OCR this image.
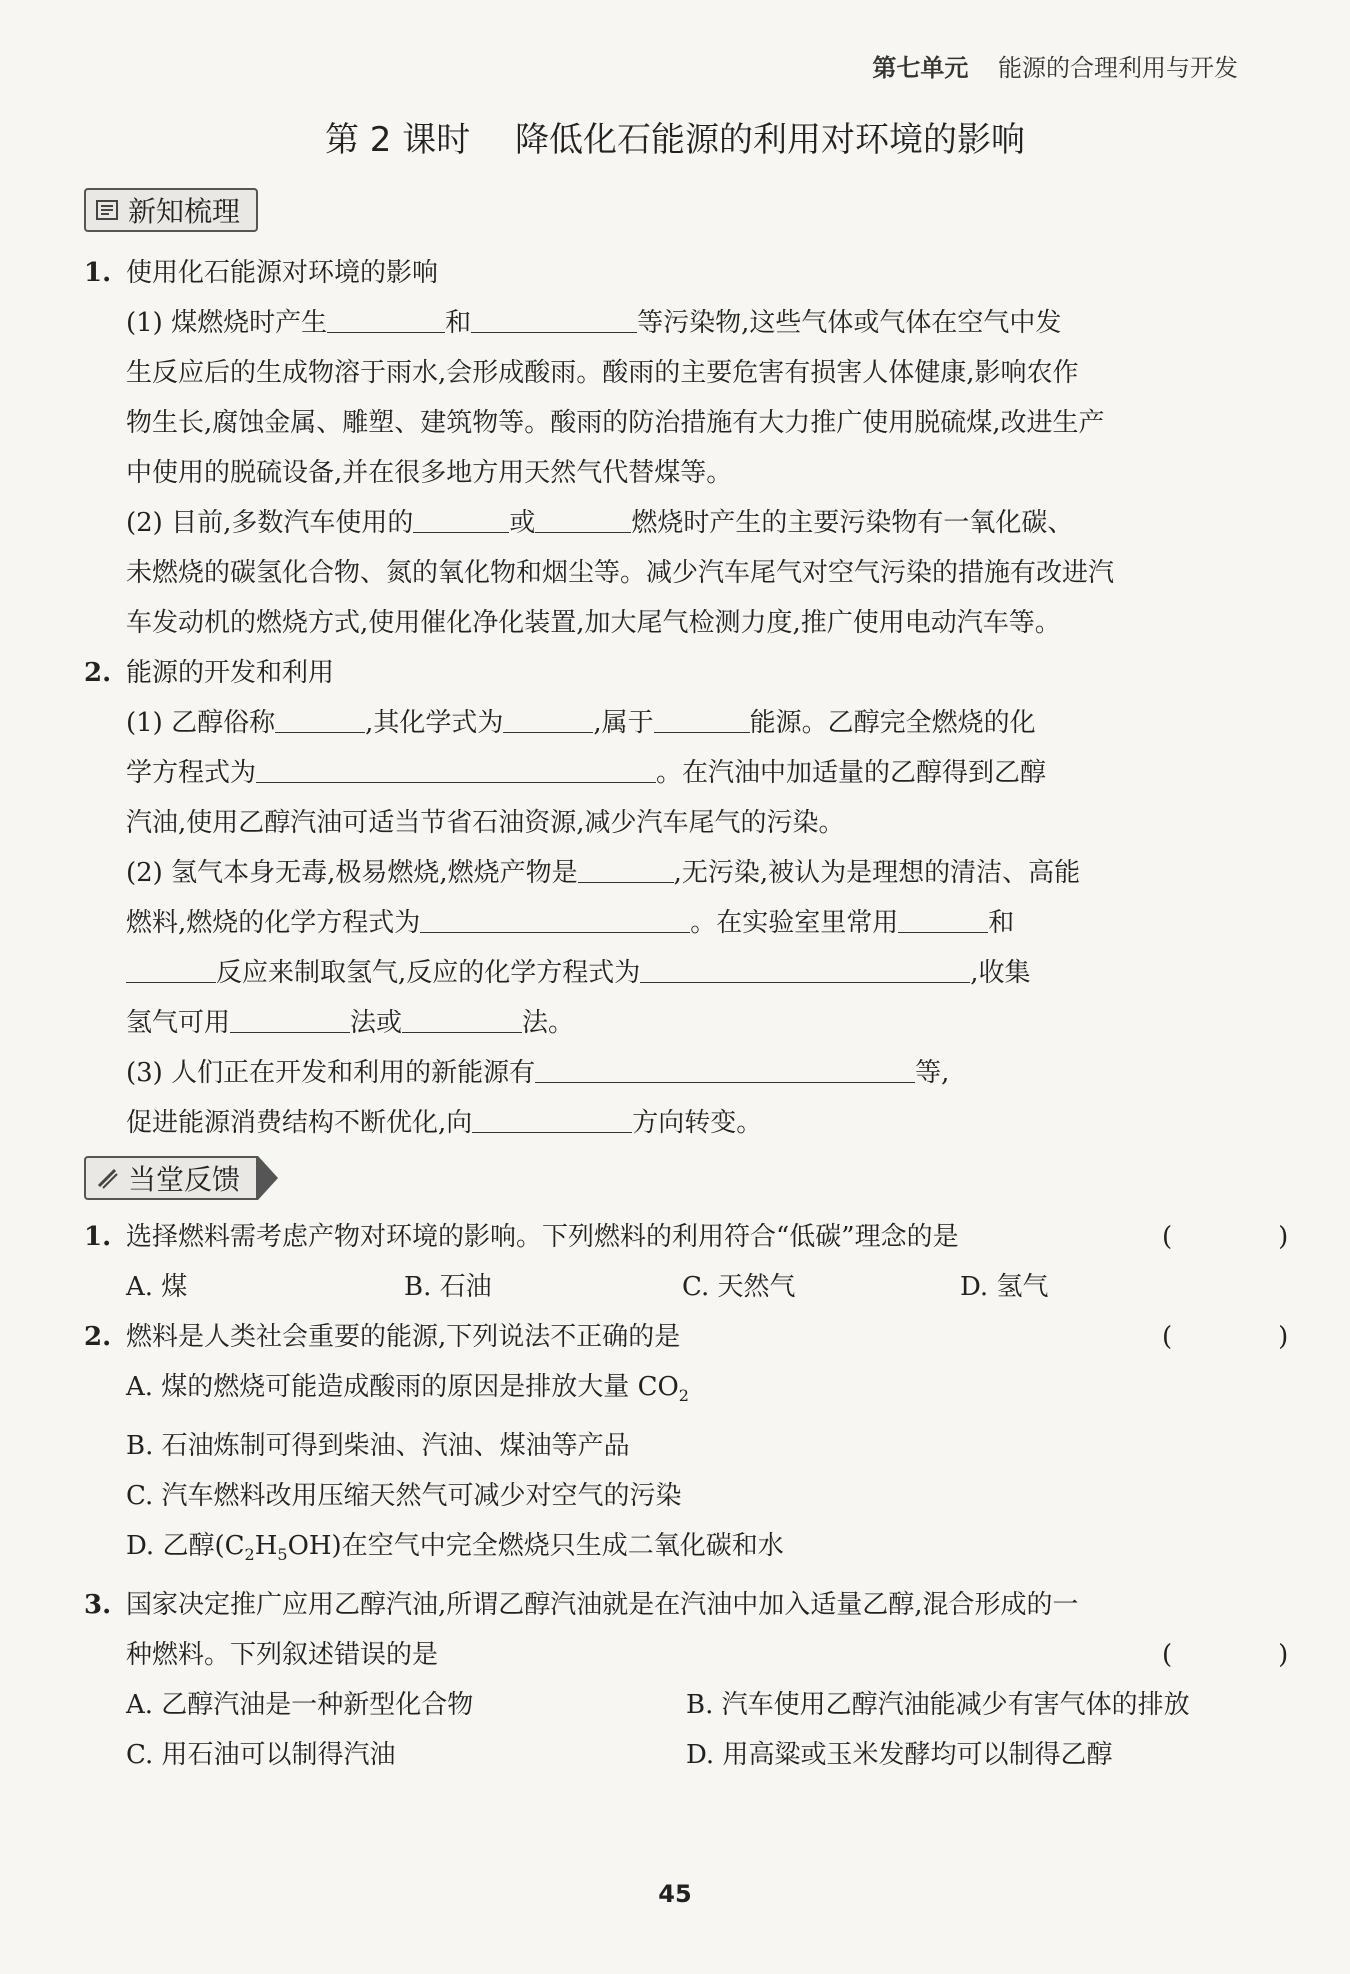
第七单元 能源的合理利用与开发
第 2 课时 降低化石能源的利用对环境的影响
新知梳理
1. 使用化石能源对环境的影响
(1) 煤燃烧时产生	和	等污染物,这些气体或气体在空气中发
生反应后的生成物溶于雨水,会形成酸雨。酸雨的主要危害有损害人体健康,影响农作
物生长,腐蚀金属、雕塑、建筑物等。酸雨的防治措施有大力推广使用脱硫煤,改进生产
中使用的脱硫设备,并在很多地方用天然气代替煤等。
(2) 目前,多数汽车使用的	或	燃烧时产生的主要污染物有一氧化碳、
未燃烧的碳氢化合物、氮的氧化物和烟尘等。减少汽车尾气对空气污染的措施有改进汽
车发动机的燃烧方式,使用催化净化装置,加大尾气检测力度,推广使用电动汽车等。
2. 能源的开发和利用
(1) 乙醇俗称	,其化学式为	,属于	能源。乙醇完全燃烧的化
学方程式为	。在汽油中加适量的乙醇得到乙醇
汽油,使用乙醇汽油可适当节省石油资源,减少汽车尾气的污染。
(2) 氢气本身无毒,极易燃烧,燃烧产物是	,无污染,被认为是理想的清洁、高能
燃料,燃烧的化学方程式为	。在实验室里常用	和
反应来制取氢气,反应的化学方程式为	,收集
氢气可用	法或	法。
(3) 人们正在开发和利用的新能源有	等,
促进能源消费结构不断优化,向	方向转变。
当堂反馈
1. 选择燃料需考虑产物对环境的影响。下列燃料的利用符合“低碳”理念的是	(　)
A. 煤	B. 石油	C. 天然气	D. 氢气
2. 燃料是人类社会重要的能源,下列说法不正确的是	(　)
A. 煤的燃烧可能造成酸雨的原因是排放大量 $CO_2$
B. 石油炼制可得到柴油、汽油、煤油等产品
C. 汽车燃料改用压缩天然气可减少对空气的污染
D. 乙醇$(C_2H_5OH)$在空气中完全燃烧只生成二氧化碳和水
3. 国家决定推广应用乙醇汽油,所谓乙醇汽油就是在汽油中加入适量乙醇,混合形成的一
种燃料。下列叙述错误的是	(　)
A. 乙醇汽油是一种新型化合物	B. 汽车使用乙醇汽油能减少有害气体的排放
C. 用石油可以制得汽油	D. 用高粱或玉米发酵均可以制得乙醇
45
